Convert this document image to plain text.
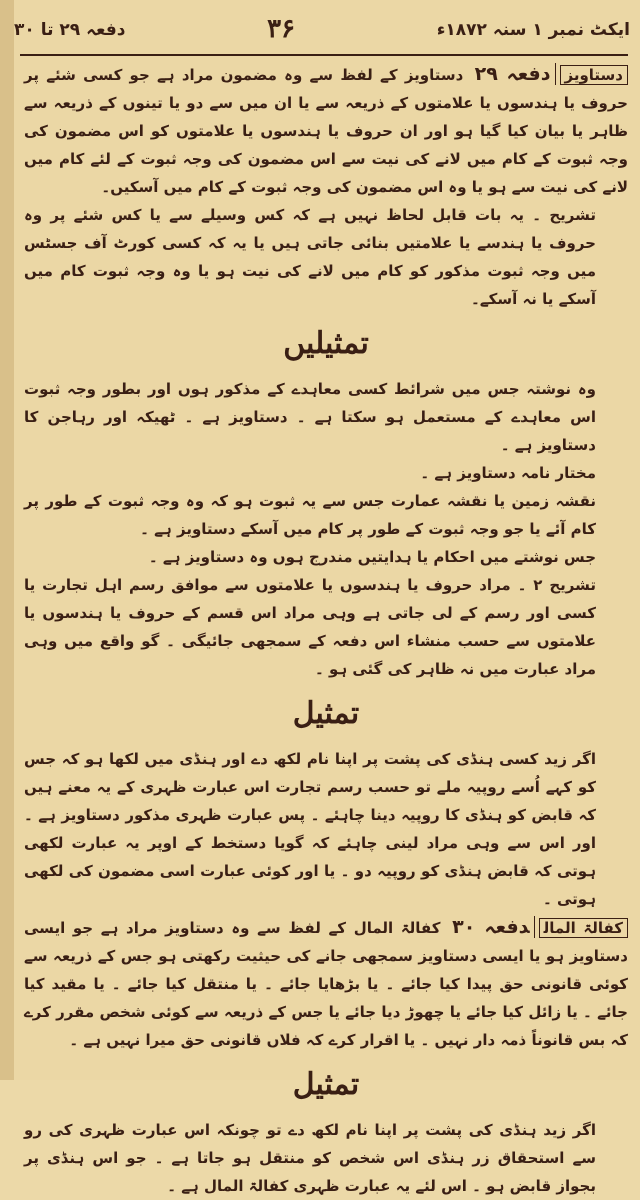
ایکٹ نمبر ۱ سنہ ۱۸۷۲ء
۳۶
دفعہ ۲۹ تا ۳۰

دستاویزدفعہ ۲۹ دستاویز کے لفظ سے وہ مضمون مراد ہے جو کسی شئے پر حروف یا ہندسوں یا علامتوں کے ذریعہ سے یا ان میں سے دو یا تینوں کے ذریعہ سے ظاہر یا بیان کیا گیا ہو اور ان حروف یا ہندسوں یا علامتوں کو اس مضمون کی وجہ ثبوت کے کام میں لانے کی نیت سے اس مضمون کی وجہ ثبوت کے لئے کام میں لانے کی نیت سے ہو یا وہ اس مضمون کی وجہ ثبوت کے کام میں آسکیں۔

تشریح ۔ یہ بات قابل لحاظ نہیں ہے کہ کس وسیلے سے یا کس شئے پر وہ حروف یا ہندسے یا علامتیں بنائی جاتی ہیں یا یہ کہ کسی کورٹ آف جسٹس میں وجہ ثبوت مذکور کو کام میں لانے کی نیت ہو یا وہ وجہ ثبوت کام میں آسکے یا نہ آسکے۔

تمثیلیں

وہ نوشتہ جس میں شرائط کسی معاہدے کے مذکور ہوں اور بطور وجہ ثبوت اس معاہدے کے مستعمل ہو سکتا ہے ۔ دستاویز ہے ۔ ٹھیکہ اور رہاجن کا دستاویز ہے ۔

مختار نامہ دستاویز ہے ۔

نقشہ زمین یا نقشہ عمارت جس سے یہ ثبوت ہو کہ وہ وجہ ثبوت کے طور پر کام آئے یا جو وجہ ثبوت کے طور پر کام میں آسکے دستاویز ہے ۔

جس نوشتے میں احکام یا ہدایتیں مندرج ہوں وہ دستاویز ہے ۔

تشریح ۲ ۔ مراد حروف یا ہندسوں یا علامتوں سے موافق رسم اہل تجارت یا کسی اور رسم کے لی جاتی ہے وہی مراد اس قسم کے حروف یا ہندسوں یا علامتوں سے حسب منشاء اس دفعہ کے سمجھی جائیگی ۔ گو واقع میں وہی مراد عبارت میں نہ ظاہر کی گئی ہو ۔

تمثیل

اگر زید کسی ہنڈی کی پشت پر اپنا نام لکھ دے اور ہنڈی میں لکھا ہو کہ جس کو کہے اُسے روپیہ ملے تو حسب رسم تجارت اس عبارت ظہری کے یہ معنے ہیں کہ قابض کو ہنڈی کا روپیہ دینا چاہئے ۔ پس عبارت ظہری مذکور دستاویز ہے ۔ اور اس سے وہی مراد لینی چاہئے کہ گویا دستخط کے اوپر یہ عبارت لکھی ہوتی کہ قابض ہنڈی کو روپیہ دو ۔ یا اور کوئی عبارت اسی مضمون کی لکھی ہوتی ۔

کفالۃ المالدفعہ ۳۰ کفالۃ المال کے لفظ سے وہ دستاویز مراد ہے جو ایسی دستاویز ہو یا ایسی دستاویز سمجھی جانے کی حیثیت رکھتی ہو جس کے ذریعہ سے کوئی قانونی حق پیدا کیا جائے ۔ یا بڑھایا جائے ۔ یا منتقل کیا جائے ۔ یا مقید کیا جائے ۔ یا زائل کیا جائے یا چھوڑ دیا جائے یا جس کے ذریعہ سے کوئی شخص مقرر کرے کہ بس قانوناً ذمہ دار نہیں ۔ یا اقرار کرے کہ فلاں قانونی حق میرا نہیں ہے ۔

تمثیل

اگر زید ہنڈی کی پشت پر اپنا نام لکھ دے تو چونکہ اس عبارت ظہری کی رو سے استحقاق زر ہنڈی اس شخص کو منتقل ہو جاتا ہے ۔ جو اس ہنڈی پر بجواز قابض ہو ۔ اس لئے یہ عبارت ظہری کفالۃ المال ہے ۔
